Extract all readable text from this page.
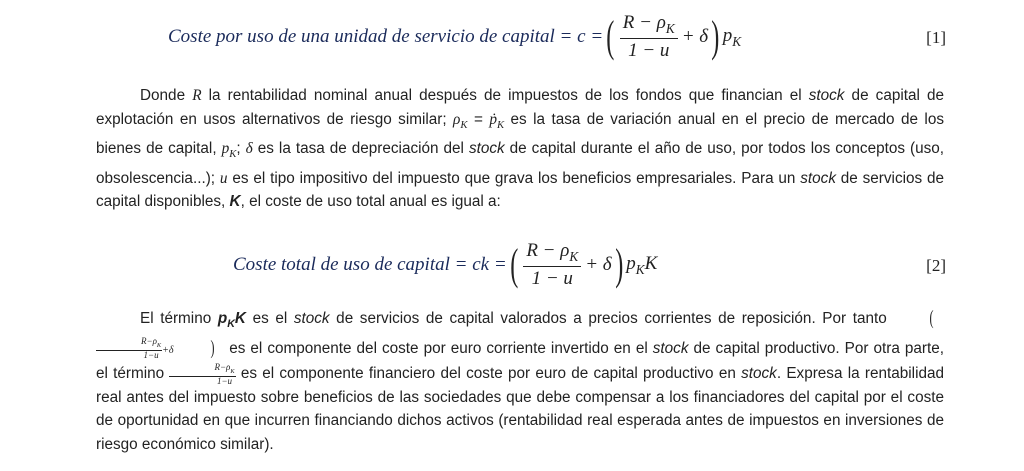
Coste por uso de una unidad de servicio de capital = c = ( $\frac{R - \rho_K}{1 - u} + \delta$ ) $p_K$	[1]

Donde R la rentabilidad nominal anual después de impuestos de los fondos que financian el stock de capital de explotación en usos alternativos de riesgo similar; $\rho_K$ = ṗ$_K$ es la tasa de variación anual en el precio de mercado de los bienes de capital, $p_K$; δ es la tasa de depreciación del stock de capital durante el año de uso, por todos los conceptos (uso, obsolescencia...); u es el tipo impositivo del impuesto que grava los beneficios empresariales. Para un stock de servicios de capital disponibles, K, el coste de uso total anual es igual a:

Coste total de uso de capital = ck = ( $\frac{R - \rho_K}{1 - u} + \delta$ ) $p_KK$	[2]

El término $p_KK$ es el stock de servicios de capital valorados a precios corrientes de reposición. Por tanto (
$\frac{R-\rho_K}{1-u} +\delta$ ) es el componente del coste por euro corriente invertido en el stock de capital productivo. Por otra parte, el término $\frac{R-\rho_K}{1-u}$ es el componente financiero del coste por euro de capital productivo en stock. Expresa la rentabilidad real antes del impuesto sobre beneficios de las sociedades que debe compensar a los financiadores del capital por el coste de oportunidad en que incurren financiando dichos activos (rentabilidad real esperada antes de impuestos en inversiones de riesgo económico similar).
